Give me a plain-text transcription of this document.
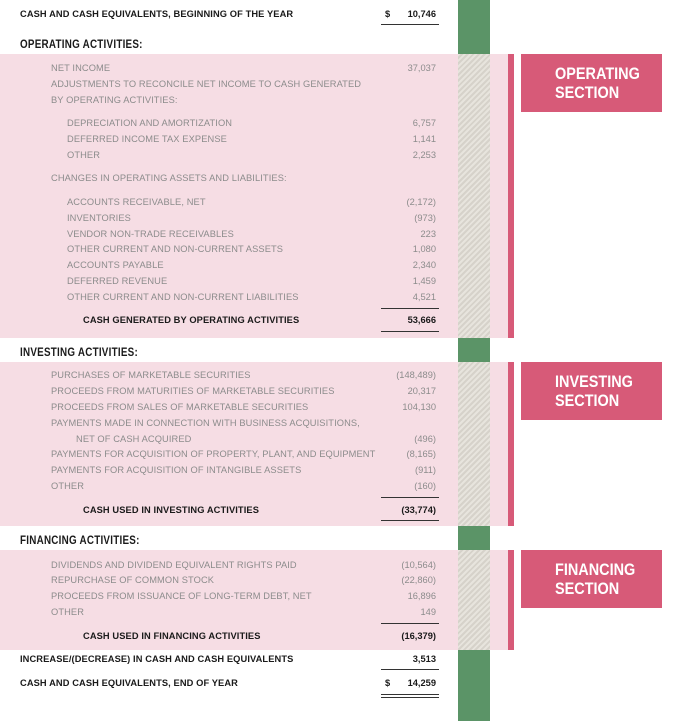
OPERATING
SECTION
INVESTING
SECTION
FINANCING
SECTION
CASH AND CASH EQUIVALENTS, BEGINNING OF THE YEAR	$ 10,746
OPERATING ACTIVITIES:
NET INCOME	37,037
ADJUSTMENTS TO RECONCILE NET INCOME TO CASH GENERATED
BY OPERATING ACTIVITIES:
DEPRECIATION AND AMORTIZATION	6,757
DEFERRED INCOME TAX EXPENSE	1,141
OTHER	2,253
CHANGES IN OPERATING ASSETS AND LIABILITIES:
ACCOUNTS RECEIVABLE, NET	(2,172)
INVENTORIES	(973)
VENDOR NON-TRADE RECEIVABLES	223
OTHER CURRENT AND NON-CURRENT ASSETS	1,080
ACCOUNTS PAYABLE	2,340
DEFERRED REVENUE	1,459
OTHER CURRENT AND NON-CURRENT LIABILITIES	4,521
CASH GENERATED BY OPERATING ACTIVITIES	53,666
INVESTING ACTIVITIES:
PURCHASES OF MARKETABLE SECURITIES	(148,489)
PROCEEDS FROM MATURITIES OF MARKETABLE SECURITIES	20,317
PROCEEDS FROM SALES OF MARKETABLE SECURITIES	104,130
PAYMENTS MADE IN CONNECTION WITH BUSINESS ACQUISITIONS,
NET OF CASH ACQUIRED	(496)
PAYMENTS FOR ACQUISITION OF PROPERTY, PLANT, AND EQUIPMENT	(8,165)
PAYMENTS FOR ACQUISITION OF INTANGIBLE ASSETS	(911)
OTHER	(160)
CASH USED IN INVESTING ACTIVITIES	(33,774)
FINANCING ACTIVITIES:
DIVIDENDS AND DIVIDEND EQUIVALENT RIGHTS PAID	(10,564)
REPURCHASE OF COMMON STOCK	(22,860)
PROCEEDS FROM ISSUANCE OF LONG-TERM DEBT, NET	16,896
OTHER	149
CASH USED IN FINANCING ACTIVITIES	(16,379)
INCREASE/(DECREASE) IN CASH AND CASH EQUIVALENTS	3,513
CASH AND CASH EQUIVALENTS, END OF YEAR	$ 14,259
